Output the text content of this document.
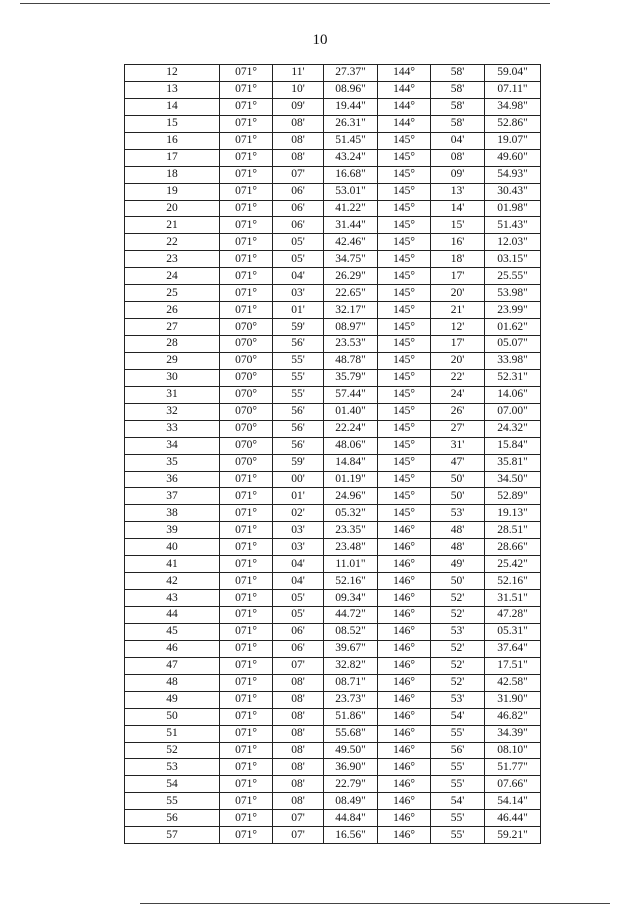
10
12	071°	11'	27.37"	144°	58'	59.04"
13	071°	10'	08.96"	144°	58'	07.11"
14	071°	09'	19.44"	144°	58'	34.98"
15	071°	08'	26.31"	144°	58'	52.86"
16	071°	08'	51.45"	145°	04'	19.07"
17	071°	08'	43.24"	145°	08'	49.60"
18	071°	07'	16.68"	145°	09'	54.93"
19	071°	06'	53.01"	145°	13'	30.43"
20	071°	06'	41.22"	145°	14'	01.98"
21	071°	06'	31.44"	145°	15'	51.43"
22	071°	05'	42.46"	145°	16'	12.03"
23	071°	05'	34.75"	145°	18'	03.15"
24	071°	04'	26.29"	145°	17'	25.55"
25	071°	03'	22.65"	145°	20'	53.98"
26	071°	01'	32.17"	145°	21'	23.99"
27	070°	59'	08.97"	145°	12'	01.62"
28	070°	56'	23.53"	145°	17'	05.07"
29	070°	55'	48.78"	145°	20'	33.98"
30	070°	55'	35.79"	145°	22'	52.31"
31	070°	55'	57.44"	145°	24'	14.06"
32	070°	56'	01.40"	145°	26'	07.00"
33	070°	56'	22.24"	145°	27'	24.32"
34	070°	56'	48.06"	145°	31'	15.84"
35	070°	59'	14.84"	145°	47'	35.81"
36	071°	00'	01.19"	145°	50'	34.50"
37	071°	01'	24.96"	145°	50'	52.89"
38	071°	02'	05.32"	145°	53'	19.13"
39	071°	03'	23.35"	146°	48'	28.51"
40	071°	03'	23.48"	146°	48'	28.66"
41	071°	04'	11.01"	146°	49'	25.42"
42	071°	04'	52.16"	146°	50'	52.16"
43	071°	05'	09.34"	146°	52'	31.51"
44	071°	05'	44.72"	146°	52'	47.28"
45	071°	06'	08.52"	146°	53'	05.31"
46	071°	06'	39.67"	146°	52'	37.64"
47	071°	07'	32.82"	146°	52'	17.51"
48	071°	08'	08.71"	146°	52'	42.58"
49	071°	08'	23.73"	146°	53'	31.90"
50	071°	08'	51.86"	146°	54'	46.82"
51	071°	08'	55.68"	146°	55'	34.39"
52	071°	08'	49.50"	146°	56'	08.10"
53	071°	08'	36.90"	146°	55'	51.77"
54	071°	08'	22.79"	146°	55'	07.66"
55	071°	08'	08.49"	146°	54'	54.14"
56	071°	07'	44.84"	146°	55'	46.44"
57	071°	07'	16.56"	146°	55'	59.21"
